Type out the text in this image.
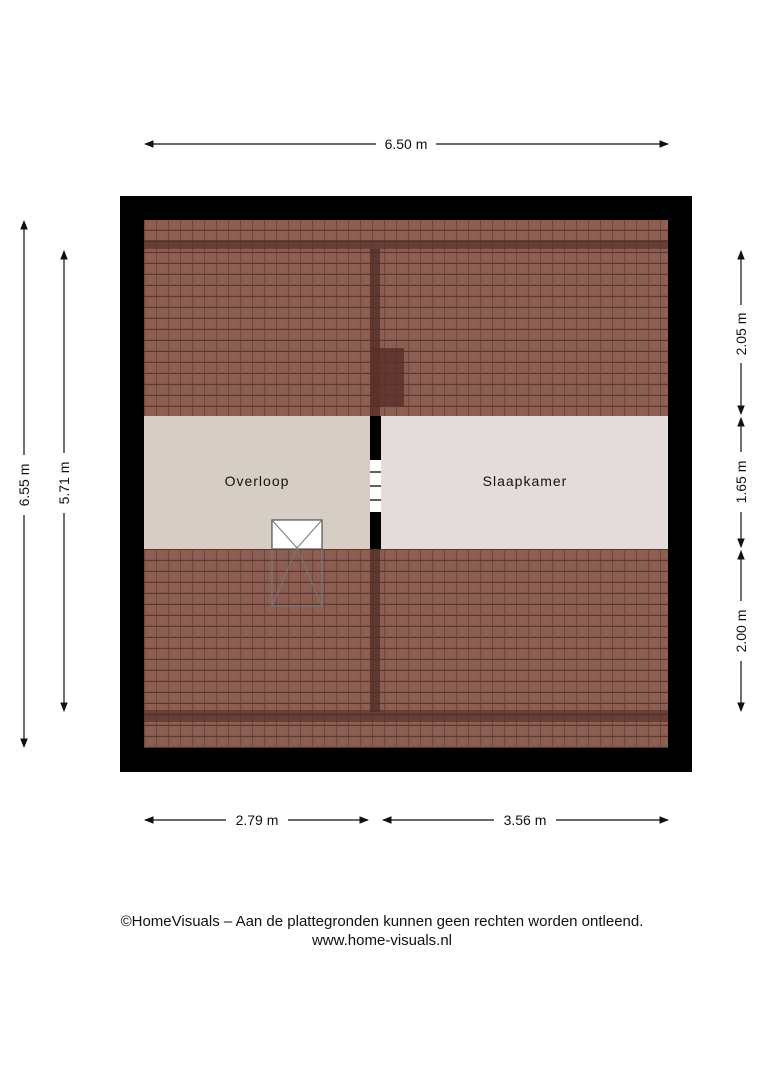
Overloop	Slaapkamer
6.50 m
2.79 m	3.56 m
6.55 m 5.71 m
2.05 m
1.65 m
2.00 m
©HomeVisuals – Aan de plattegronden kunnen geen rechten worden ontleend.
www.home-visuals.nl
